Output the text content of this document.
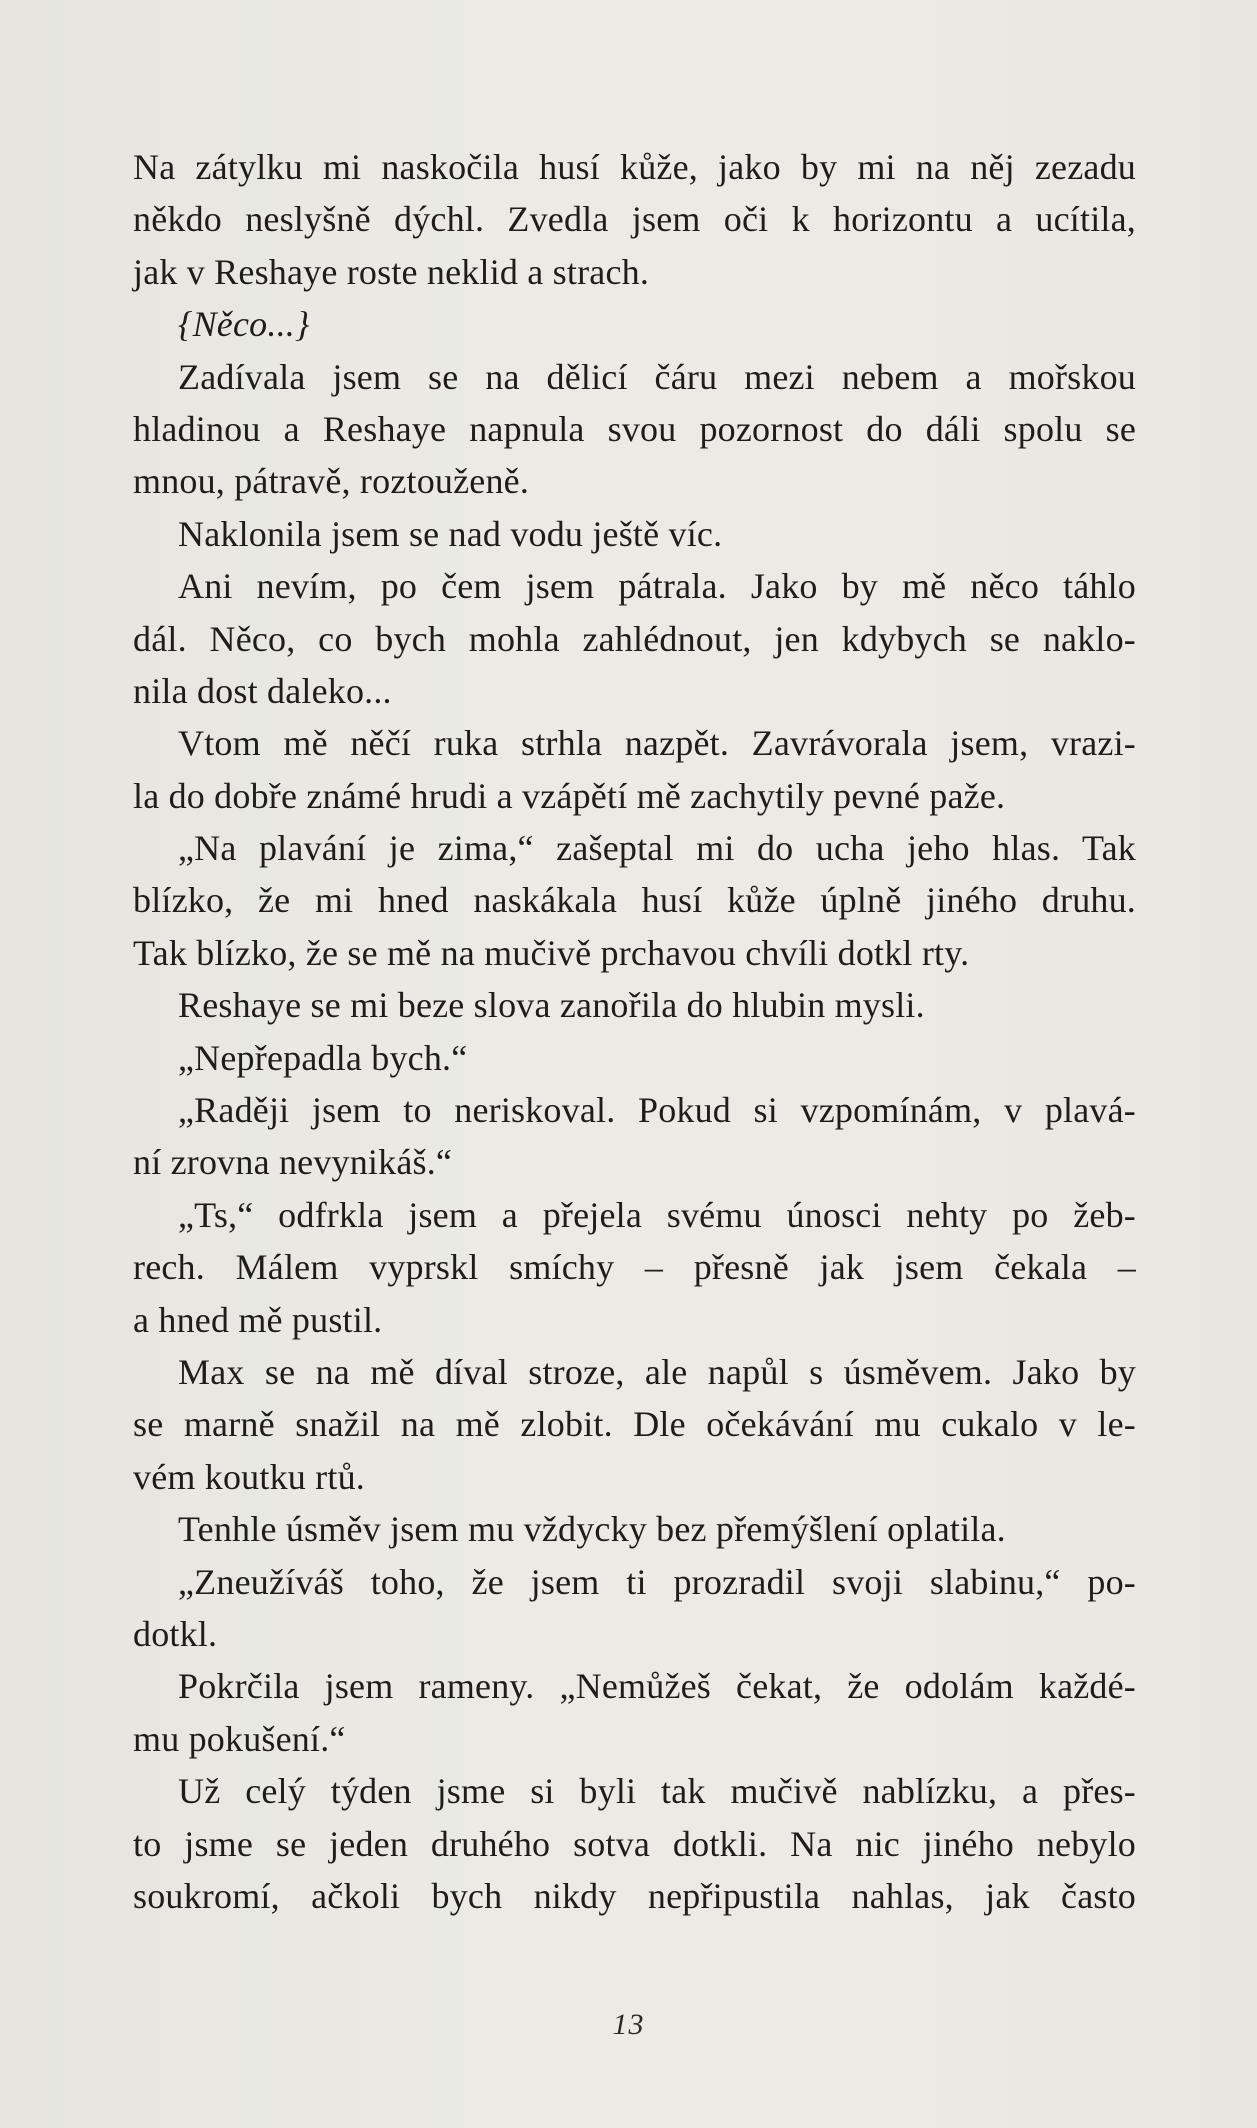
Na zátylku mi naskočila husí kůže, jako by mi na něj zezadu
někdo neslyšně dýchl. Zvedla jsem oči k horizontu a ucítila,
jak v Reshaye roste neklid a strach.
{Něco...}
Zadívala jsem se na dělicí čáru mezi nebem a mořskou
hladinou a Reshaye napnula svou pozornost do dáli spolu se
mnou, pátravě, roztouženě.
Naklonila jsem se nad vodu ještě víc.
Ani nevím, po čem jsem pátrala. Jako by mě něco táhlo
dál. Něco, co bych mohla zahlédnout, jen kdybych se naklo-
nila dost daleko...
Vtom mě něčí ruka strhla nazpět. Zavrávorala jsem, vrazi-
la do dobře známé hrudi a vzápětí mě zachytily pevné paže.
„Na plavání je zima,“ zašeptal mi do ucha jeho hlas. Tak
blízko, že mi hned naskákala husí kůže úplně jiného druhu.
Tak blízko, že se mě na mučivě prchavou chvíli dotkl rty.
Reshaye se mi beze slova zanořila do hlubin mysli.
„Nepřepadla bych.“
„Raději jsem to neriskoval. Pokud si vzpomínám, v plavá-
ní zrovna nevynikáš.“
„Ts,“ odfrkla jsem a přejela svému únosci nehty po žeb-
rech. Málem vyprskl smíchy – přesně jak jsem čekala –
a hned mě pustil.
Max se na mě díval stroze, ale napůl s úsměvem. Jako by
se marně snažil na mě zlobit. Dle očekávání mu cukalo v le-
vém koutku rtů.
Tenhle úsměv jsem mu vždycky bez přemýšlení oplatila.
„Zneužíváš toho, že jsem ti prozradil svoji slabinu,“ po-
dotkl.
Pokrčila jsem rameny. „Nemůžeš čekat, že odolám každé-
mu pokušení.“
Už celý týden jsme si byli tak mučivě nablízku, a přes-
to jsme se jeden druhého sotva dotkli. Na nic jiného nebylo
soukromí, ačkoli bych nikdy nepřipustila nahlas, jak často
13
